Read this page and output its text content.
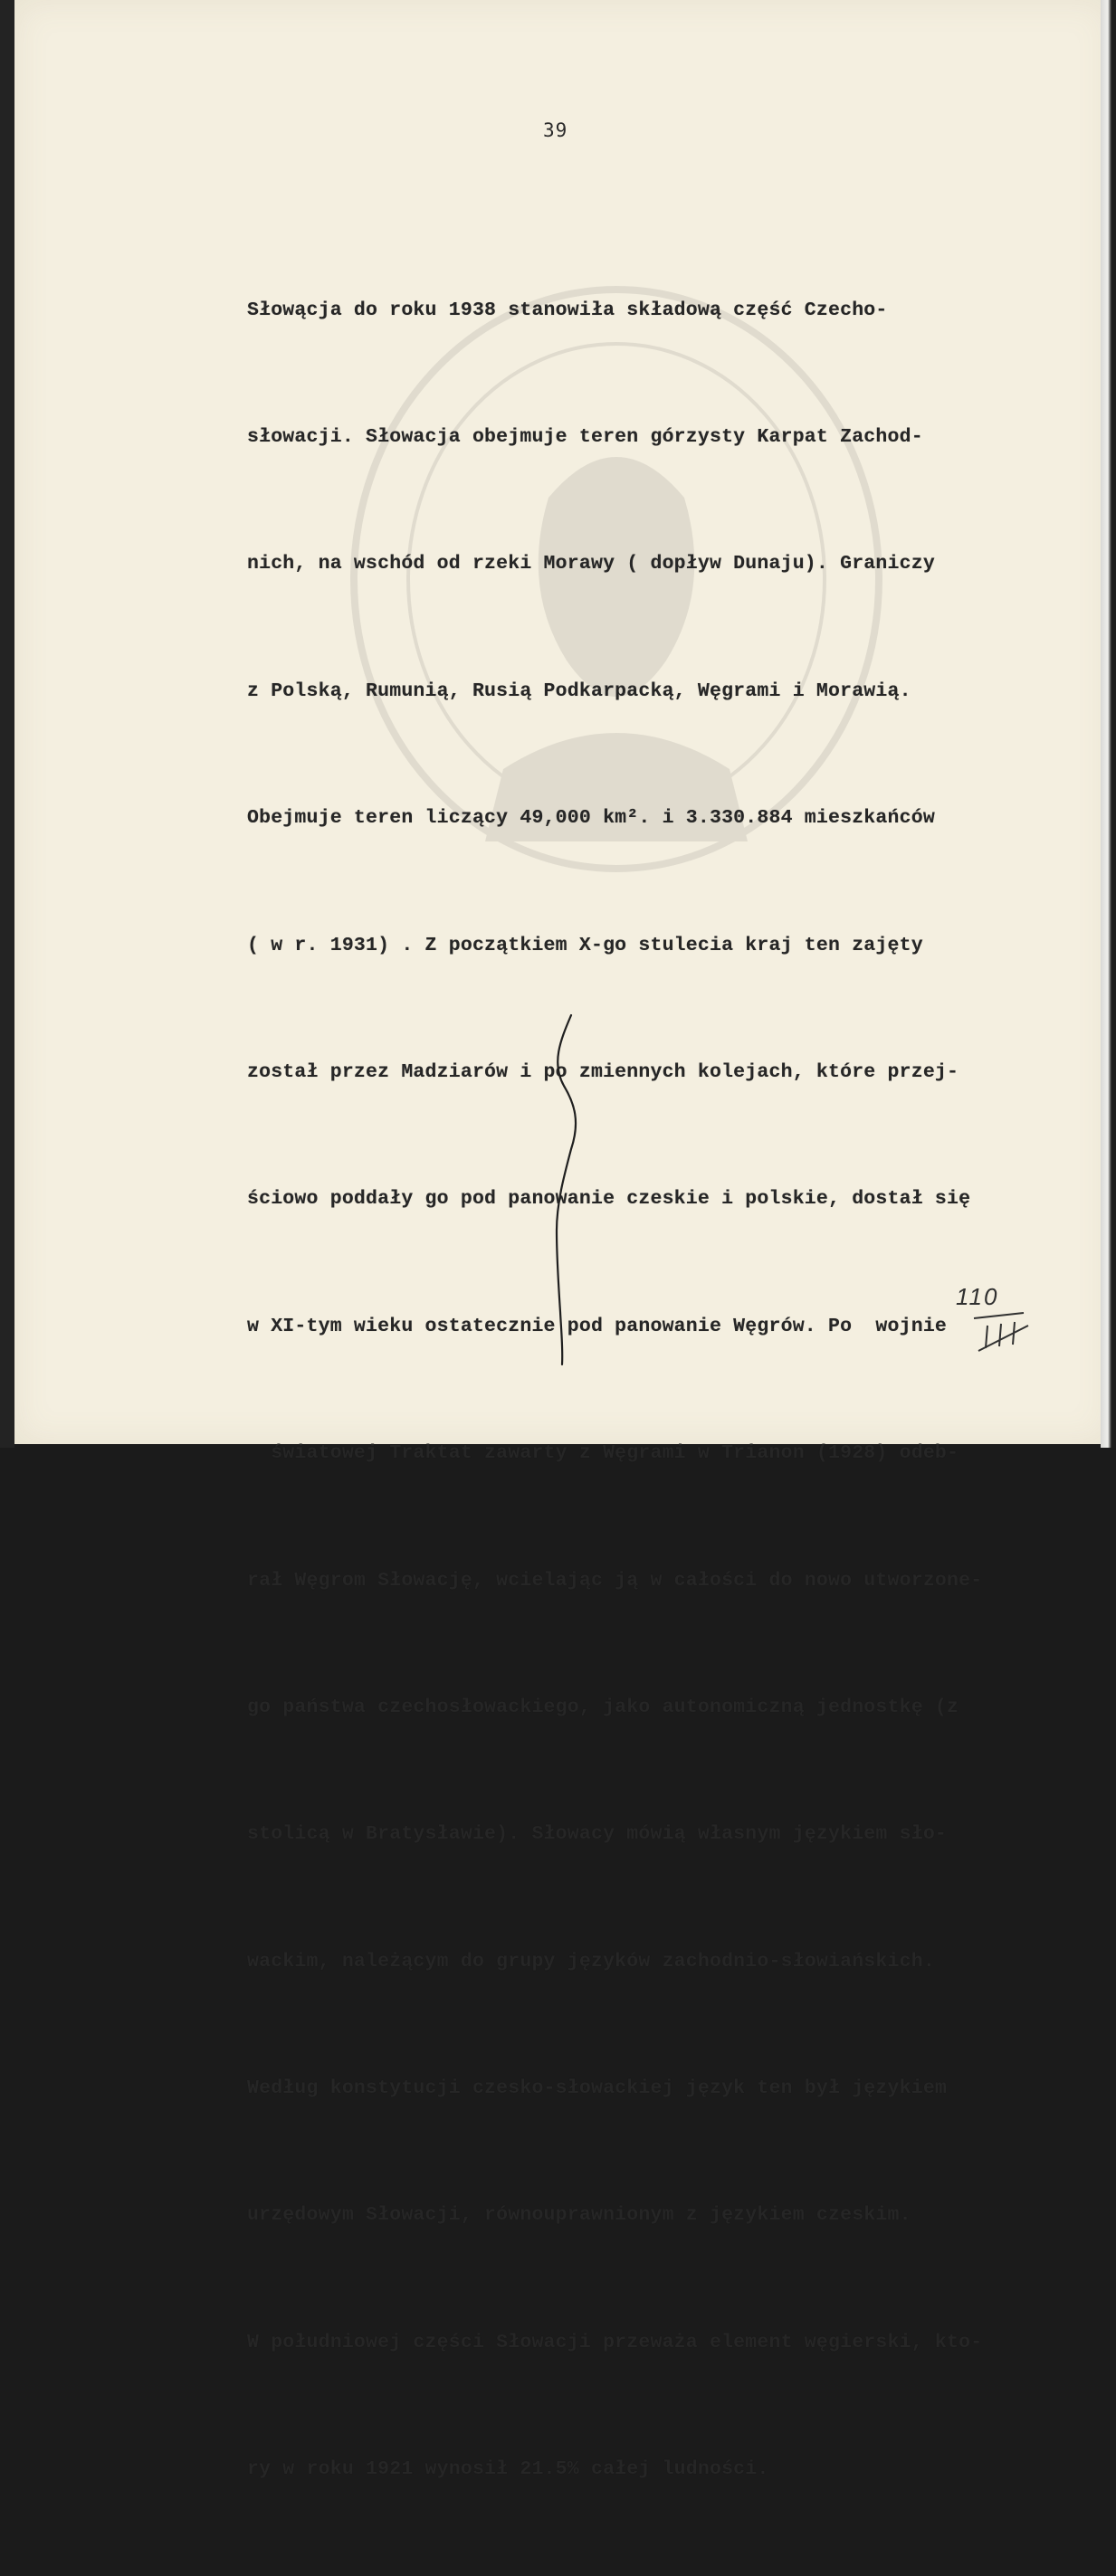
39

Słowącja do roku 1938 stanowiła składową część Czecho-

słowacji. Słowacja obejmuje teren górzysty Karpat Zachod-

nich, na wschód od rzeki Morawy ( dopływ Dunaju). Graniczy

z Polską, Rumunią, Rusią Podkarpacką, Węgrami i Morawią.

Obejmuje teren liczący 49,000 km². i 3.330.884 mieszkańców

( w r. 1931) . Z początkiem X-go stulecia kraj ten zajęty

został przez Madziarów i po zmiennych kolejach, które przej-

ściowo poddały go pod panowanie czeskie i polskie, dostał się

w XI-tym wieku ostatecznie pod panowanie Węgrów. Po  wojnie

światowej Traktat zawarty z Węgrami w Trianon (1928) odeb-

rał Węgrom Słowację, wcielając ją w całości do nowo utworzone-

go państwa czechosłowackiego, jako autonomiczną jednostkę (z

stolicą w Bratysławie). Słowacy mówią własnym językiem sło-

wackim, należącym do grupy języków zachodnio-słowiańskich.

Według konstytucji czesko-słowackiej język ten był językiem

urzędowym Słowacji, równouprawnionym z językiem czeskim.

W południowej części Słowacji przeważa element węgierski, kto-

ry w roku 1921 wynosił 21.5% całej ludności.

110
